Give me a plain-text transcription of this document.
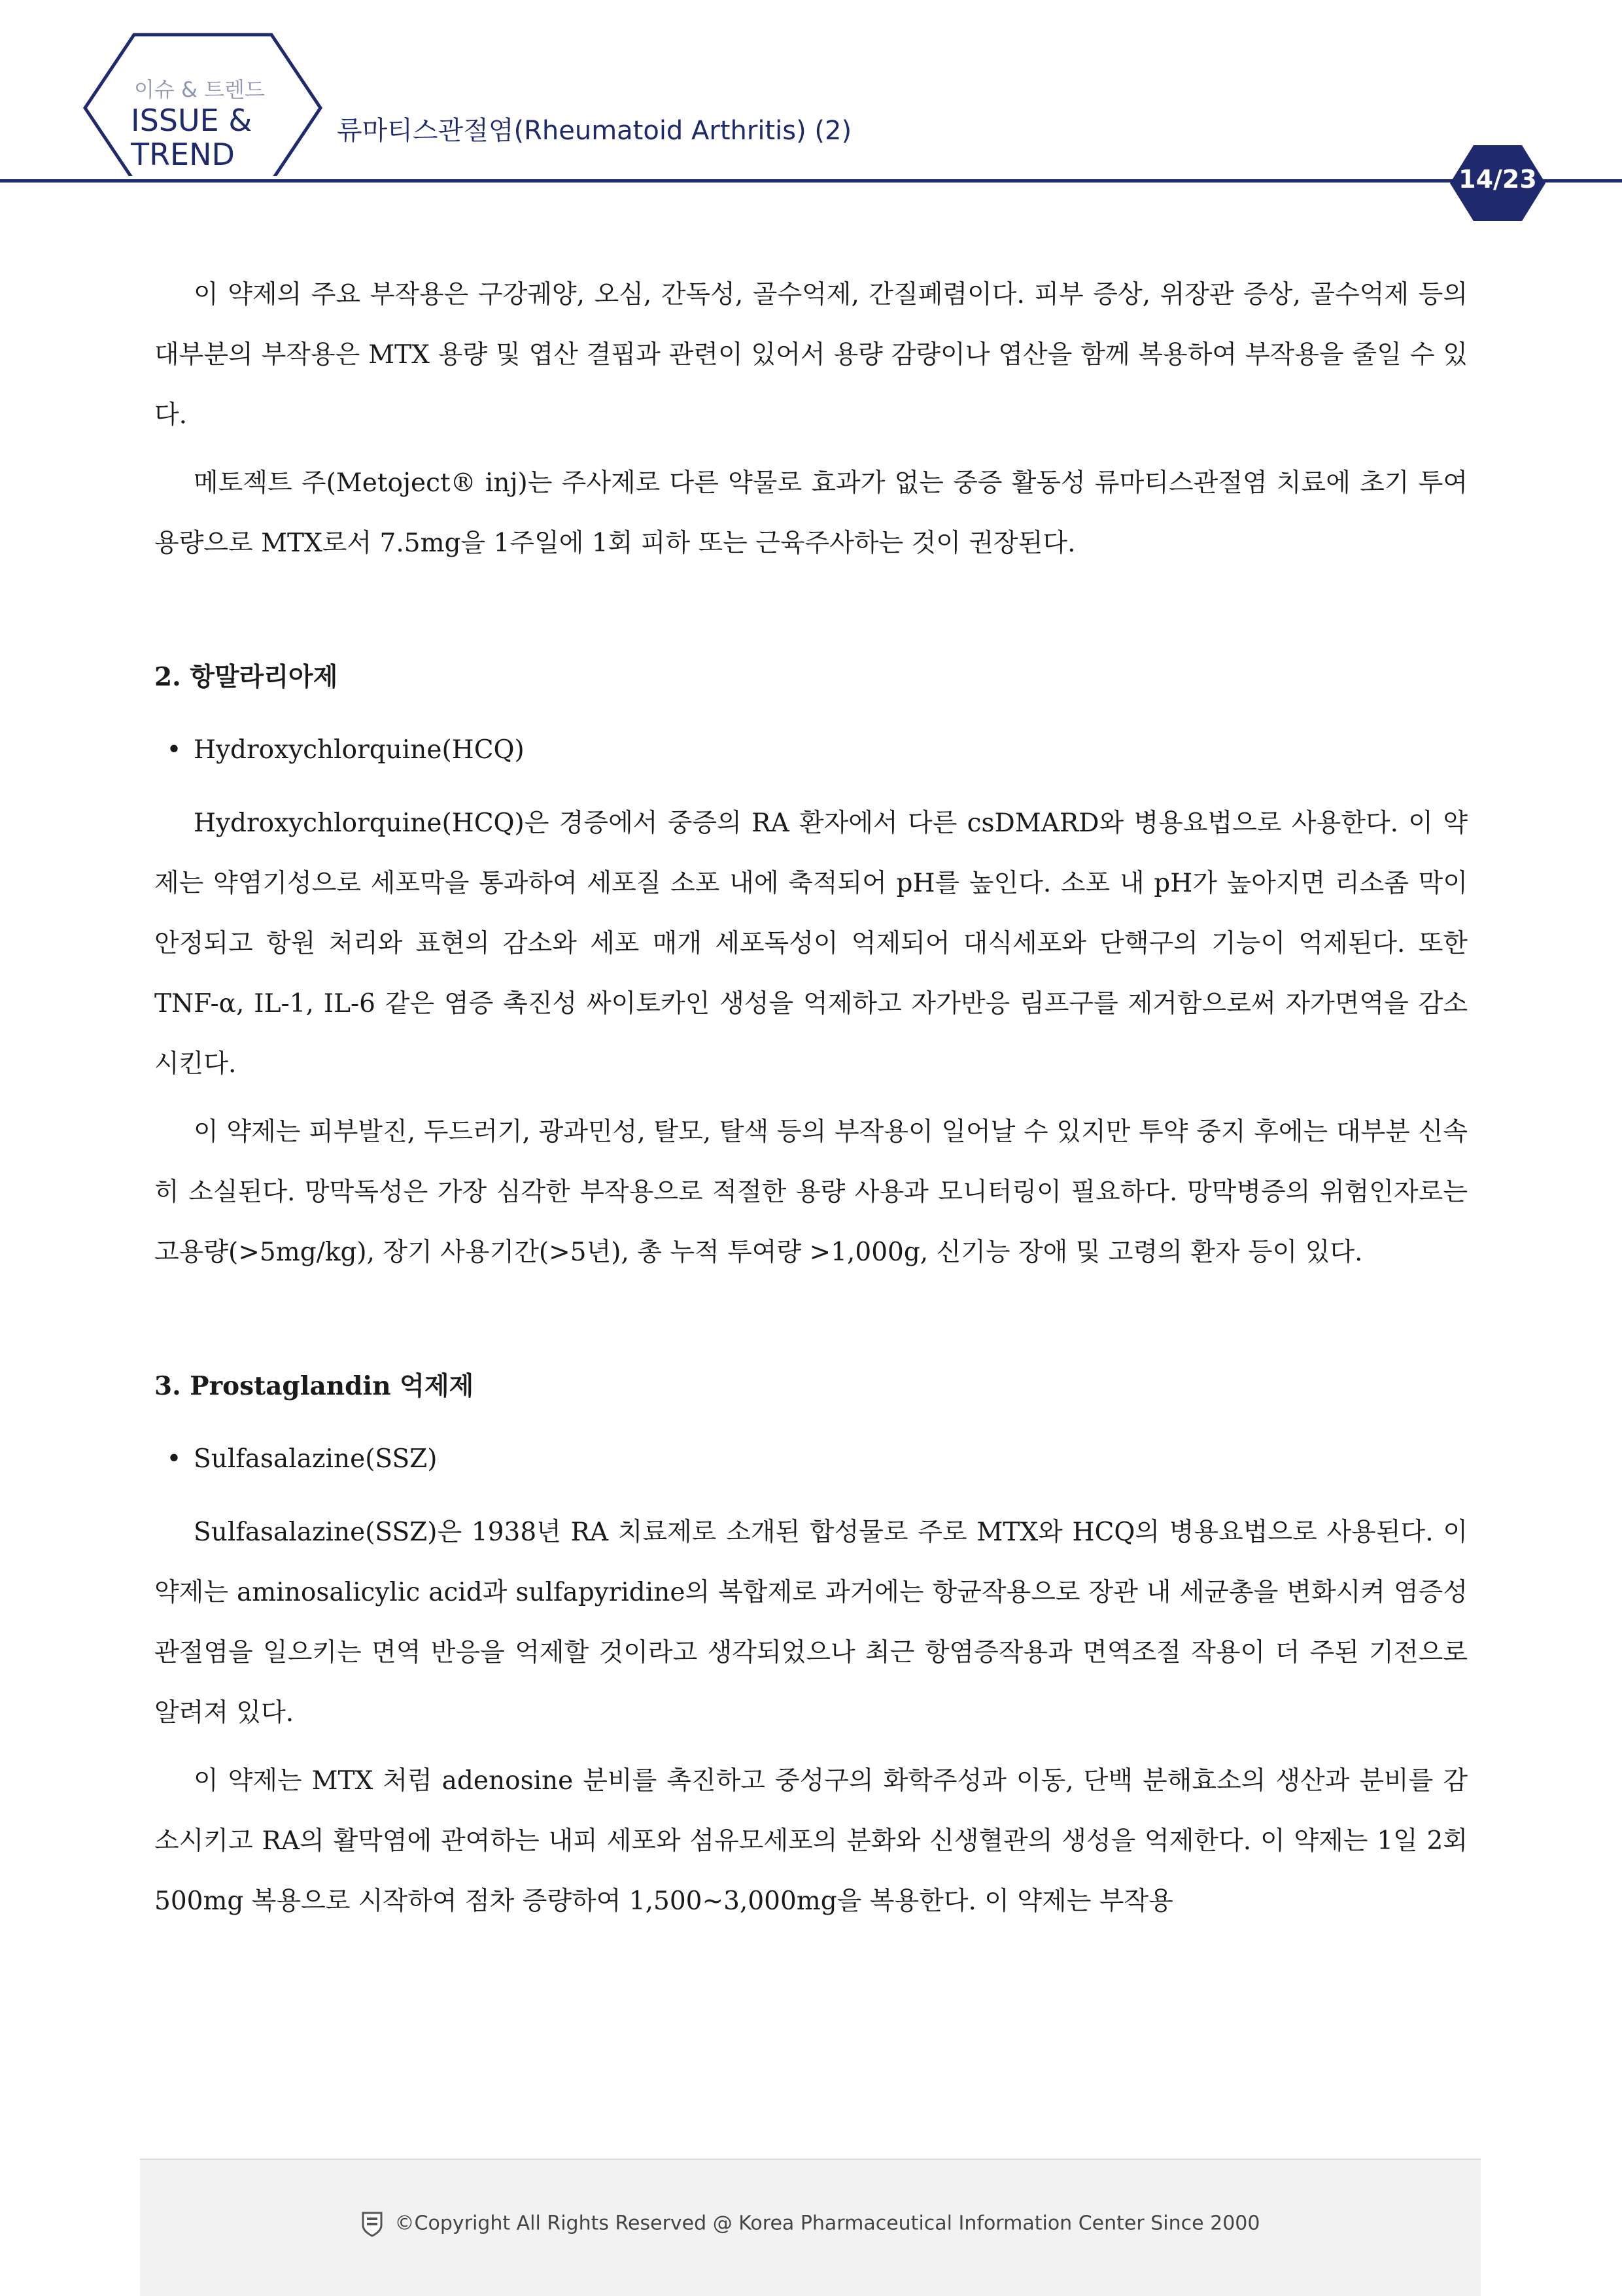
이슈 & 트렌드
ISSUE &
TREND
류마티스관절염(Rheumatoid Arthritis) (2)
14/23

이 약제의 주요 부작용은 구강궤양, 오심, 간독성, 골수억제, 간질폐렴이다. 피부 증상, 위장관 증상, 골수억제 등의 대부분의 부작용은 MTX 용량 및 엽산 결핍과 관련이 있어서 용량 감량이나 엽산을 함께 복용하여 부작용을 줄일 수 있다.

메토젝트 주(Metoject® inj)는 주사제로 다른 약물로 효과가 없는 중증 활동성 류마티스관절염 치료에 초기 투여 용량으로 MTX로서 7.5mg을 1주일에 1회 피하 또는 근육주사하는 것이 권장된다.

2. 항말라리아제

• Hydroxychlorquine(HCQ)

Hydroxychlorquine(HCQ)은 경증에서 중증의 RA 환자에서 다른 csDMARD와 병용요법으로 사용한다. 이 약제는 약염기성으로 세포막을 통과하여 세포질 소포 내에 축적되어 pH를 높인다. 소포 내 pH가 높아지면 리소좀 막이 안정되고 항원 처리와 표현의 감소와 세포 매개 세포독성이 억제되어 대식세포와 단핵구의 기능이 억제된다. 또한 TNF-α, IL-1, IL-6 같은 염증 촉진성 싸이토카인 생성을 억제하고 자가반응 림프구를 제거함으로써 자가면역을 감소시킨다.

이 약제는 피부발진, 두드러기, 광과민성, 탈모, 탈색 등의 부작용이 일어날 수 있지만 투약 중지 후에는 대부분 신속히 소실된다. 망막독성은 가장 심각한 부작용으로 적절한 용량 사용과 모니터링이 필요하다. 망막병증의 위험인자로는 고용량(>5mg/kg), 장기 사용기간(>5년), 총 누적 투여량 >1,000g, 신기능 장애 및 고령의 환자 등이 있다.

3. Prostaglandin 억제제

• Sulfasalazine(SSZ)

Sulfasalazine(SSZ)은 1938년 RA 치료제로 소개된 합성물로 주로 MTX와 HCQ의 병용요법으로 사용된다. 이 약제는 aminosalicylic acid과 sulfapyridine의 복합제로 과거에는 항균작용으로 장관 내 세균총을 변화시켜 염증성 관절염을 일으키는 면역 반응을 억제할 것이라고 생각되었으나 최근 항염증작용과 면역조절 작용이 더 주된 기전으로 알려져 있다.

이 약제는 MTX 처럼 adenosine 분비를 촉진하고 중성구의 화학주성과 이동, 단백 분해효소의 생산과 분비를 감소시키고 RA의 활막염에 관여하는 내피 세포와 섬유모세포의 분화와 신생혈관의 생성을 억제한다. 이 약제는 1일 2회 500mg 복용으로 시작하여 점차 증량하여 1,500~3,000mg을 복용한다. 이 약제는 부작용

©Copyright All Rights Reserved @ Korea Pharmaceutical Information Center Since 2000
